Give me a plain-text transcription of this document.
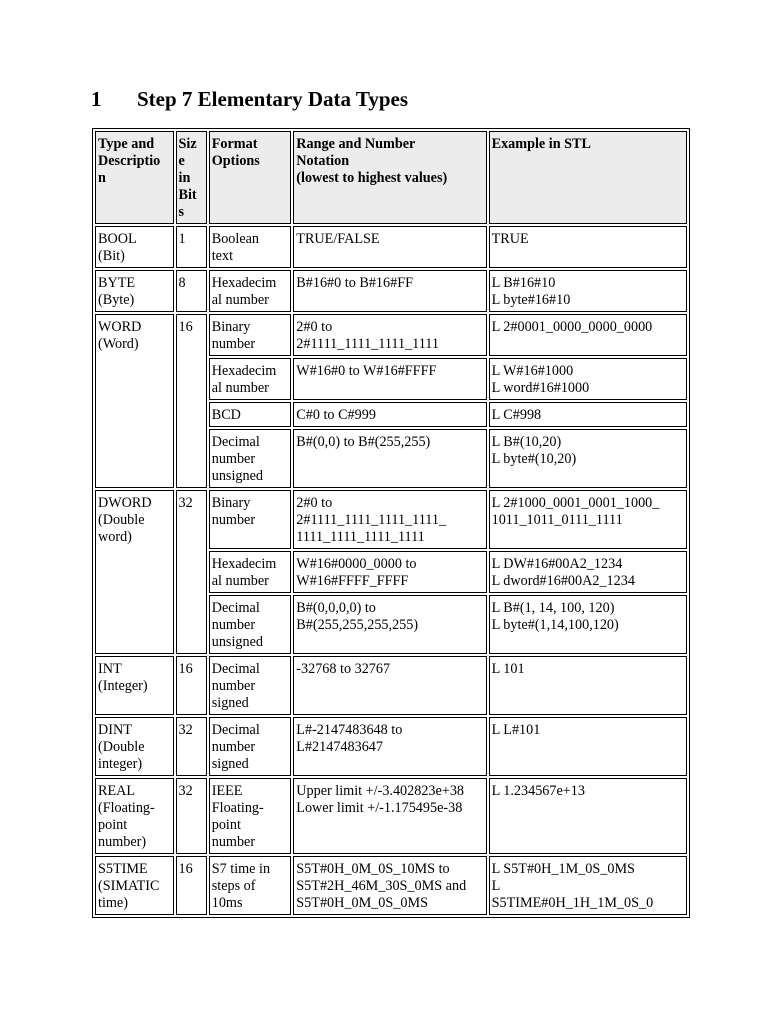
1 Step 7 Elementary Data Types
Type and
Descriptio
n	Siz
e
in
Bit
s	Format
Options	Range and Number
Notation
(lowest to highest values)	Example in STL
BOOL
(Bit)	1	Boolean
text	TRUE/FALSE	TRUE
BYTE
(Byte)	8	Hexadecim
al number	B#16#0 to B#16#FF	L B#16#10
L byte#16#10
WORD
(Word)	16	Binary
number	2#0 to
2#1111_1111_1111_1111	L 2#0001_0000_0000_0000
		Hexadecim
al number	W#16#0 to W#16#FFFF	L W#16#1000
L word#16#1000
		BCD	C#0 to C#999	L C#998
		Decimal
number
unsigned	B#(0,0) to B#(255,255)	L B#(10,20)
L byte#(10,20)
DWORD
(Double
word)	32	Binary
number	2#0 to
2#1111_1111_1111_1111_
1111_1111_1111_1111	L 2#1000_0001_0001_1000_
1011_1011_0111_1111
		Hexadecim
al number	W#16#0000_0000 to
W#16#FFFF_FFFF	L DW#16#00A2_1234
L dword#16#00A2_1234
		Decimal
number
unsigned	B#(0,0,0,0) to
B#(255,255,255,255)	L B#(1, 14, 100, 120)
L byte#(1,14,100,120)
INT
(Integer)	16	Decimal
number
signed	-32768 to 32767	L 101
DINT
(Double
integer)	32	Decimal
number
signed	L#-2147483648 to
L#2147483647	L L#101
REAL
(Floating-
point
number)	32	IEEE
Floating-
point
number	Upper limit +/-3.402823e+38
Lower limit +/-1.175495e-38	L 1.234567e+13
S5TIME
(SIMATIC
time)	16	S7 time in
steps of
10ms	S5T#0H_0M_0S_10MS to
S5T#2H_46M_30S_0MS and
S5T#0H_0M_0S_0MS	L S5T#0H_1M_0S_0MS
L
S5TIME#0H_1H_1M_0S_0
